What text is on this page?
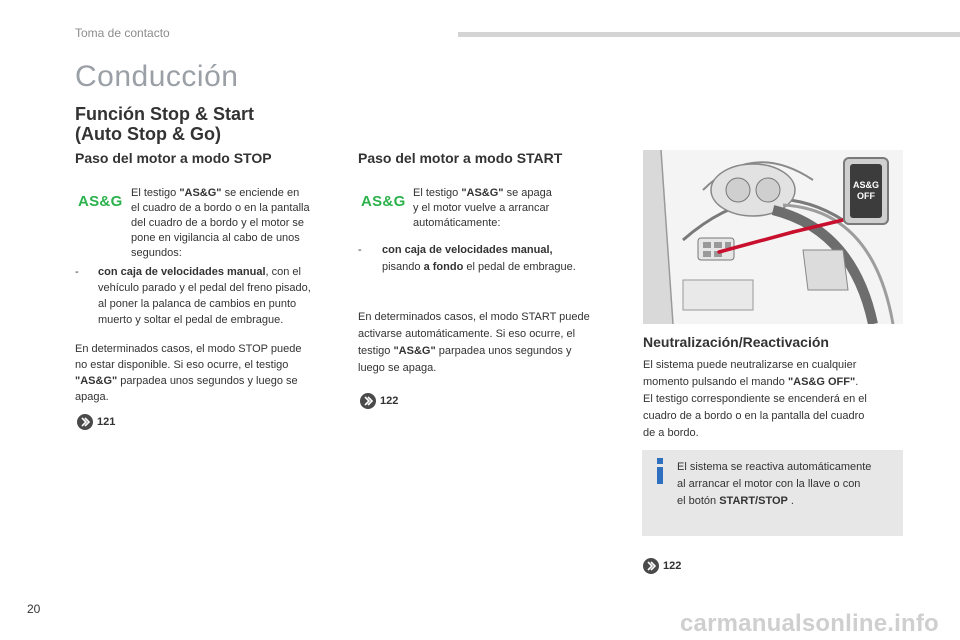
Toma de contacto
Conducción
Función Stop & Start
(Auto Stop & Go)
Paso del motor a modo STOP
AS&G El testigo "AS&G" se enciende en
el cuadro de a bordo o en la pantalla
del cuadro de a bordo y el motor se
pone en vigilancia al cabo de unos
segundos:
- con caja de velocidades manual, con el
vehículo parado y el pedal del freno pisado,
al poner la palanca de cambios en punto
muerto y soltar el pedal de embrague.
En determinados casos, el modo STOP puede
no estar disponible. Si eso ocurre, el testigo
"AS&G" parpadea unos segundos y luego se
apaga.
121
Paso del motor a modo START
AS&G El testigo "AS&G" se apaga
y el motor vuelve a arrancar
automáticamente:
- con caja de velocidades manual,
pisando a fondo el pedal de embrague.
En determinados casos, el modo START puede
activarse automáticamente. Si eso ocurre, el
testigo "AS&G" parpadea unos segundos y
luego se apaga.
122
AS&G
OFF
Neutralización/Reactivación
El sistema puede neutralizarse en cualquier
momento pulsando el mando "AS&G OFF".
El testigo correspondiente se encenderá en el
cuadro de a bordo o en la pantalla del cuadro
de a bordo.
El sistema se reactiva automáticamente
al arrancar el motor con la llave o con
el botón START/STOP .
122
20
carmanualsonline.info
